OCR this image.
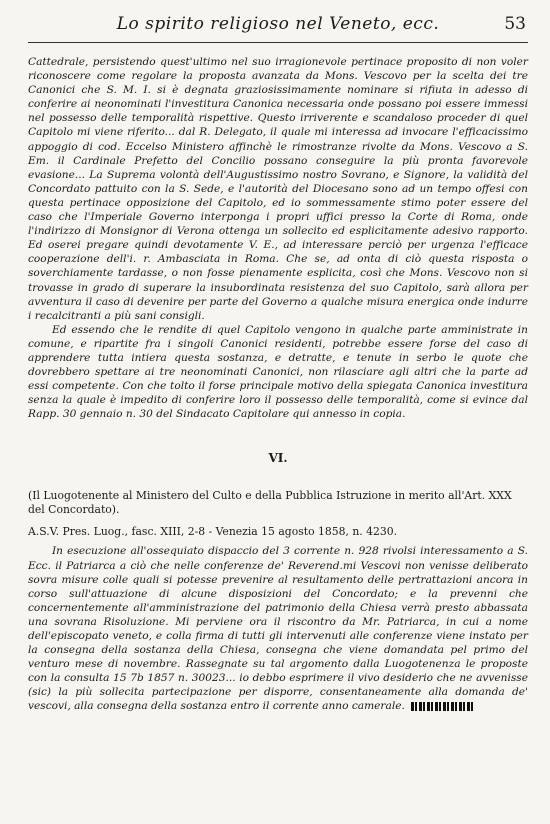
Lo spirito religioso nel Veneto, ecc.	53

Cattedrale, persistendo quest'ultimo nel suo irragionevole pertinace proposito di non voler riconoscere come regolare la proposta avanzata da Mons. Vescovo per la scelta dei tre Canonici che S. M. I. si è degnata graziosissimamente nominare si rifiuta in adesso di conferire ai neonominati l'investitura Canonica necessaria onde possano poi essere immessi nel possesso delle temporalità rispettive. Questo irriverente e scandaloso proceder di quel Capitolo mi viene riferito... dal R. Delegato, il quale mi interessa ad invocare l'efficacissimo appoggio di cod. Eccelso Ministero affinchè le rimostranze rivolte da Mons. Vescovo a S. Em. il Cardinale Prefetto del Concilio possano conseguire la più pronta favorevole evasione... La Suprema volontà dell'Augustissimo nostro Sovrano, e Signore, la validità del Concordato pattuito con la S. Sede, e l'autorità del Diocesano sono ad un tempo offesi con questa pertinace opposizione del Capitolo, ed io sommessamente stimo poter essere del caso che l'Imperiale Governo interponga i propri uffici presso la Corte di Roma, onde l'indirizzo di Monsignor di Verona ottenga un sollecito ed esplicitamente adesivo rapporto. Ed oserei pregare quindi devotamente V. E., ad interessare perciò per urgenza l'efficace cooperazione dell'i. r. Ambasciata in Roma. Che se, ad onta di ciò questa risposta o soverchiamente tardasse, o non fosse pienamente esplicita, così che Mons. Vescovo non si trovasse in grado di superare la insubordinata resistenza del suo Capitolo, sarà allora per avventura il caso di devenire per parte del Governo a qualche misura energica onde indurre i recalcitranti a più sani consigli.

Ed essendo che le rendite di quel Capitolo vengono in qualche parte amministrate in comune, e ripartite fra i singoli Canonici residenti, potrebbe essere forse del caso di apprendere tutta intiera questa sostanza, e detratte, e tenute in serbo le quote che dovrebbero spettare ai tre neonominati Canonici, non rilasciare agli altri che la parte ad essi competente. Con che tolto il forse principale motivo della spiegata Canonica investitura senza la quale è impedito di conferire loro il possesso delle temporalità, come si evince dal Rapp. 30 gennaio n. 30 del Sindacato Capitolare qui annesso in copia.

VI.
(Il Luogotenente al Ministero del Culto e della Pubblica Istruzione in merito all'Art. XXX del Concordato).
A.S.V. Pres. Luog., fasc. XIII, 2-8 - Venezia 15 agosto 1858, n. 4230.
In esecuzione all'ossequiato dispaccio del 3 corrente n. 928 rivolsi interessamento a S. Ecc. il Patriarca a ciò che nelle conferenze de' Reverend.mi Vescovi non venisse deliberato sovra misure colle quali si potesse prevenire al resultamento delle pertrattazioni ancora in corso sull'attuazione di alcune disposizioni del Concordato; e la prevenni che concernentemente all'amministrazione del patrimonio della Chiesa verrà presto abbassata una sovrana Risoluzione. Mi perviene ora il riscontro da Mr. Patriarca, in cui a nome dell'episcopato veneto, e colla firma di tutti gli intervenuti alle conferenze viene instato per la consegna della sostanza della Chiesa, consegna che viene domandata pel primo del venturo mese di novembre. Rassegnate su tal argomento dalla Luogotenenza le proposte con la consulta 15 7b 1857 n. 30023... io debbo esprimere il vivo desiderio che ne avvenisse (sic) la più sollecita partecipazione per disporre, consentaneamente alla domanda de' vescovi, alla consegna della sostanza entro il corrente anno camerale.
